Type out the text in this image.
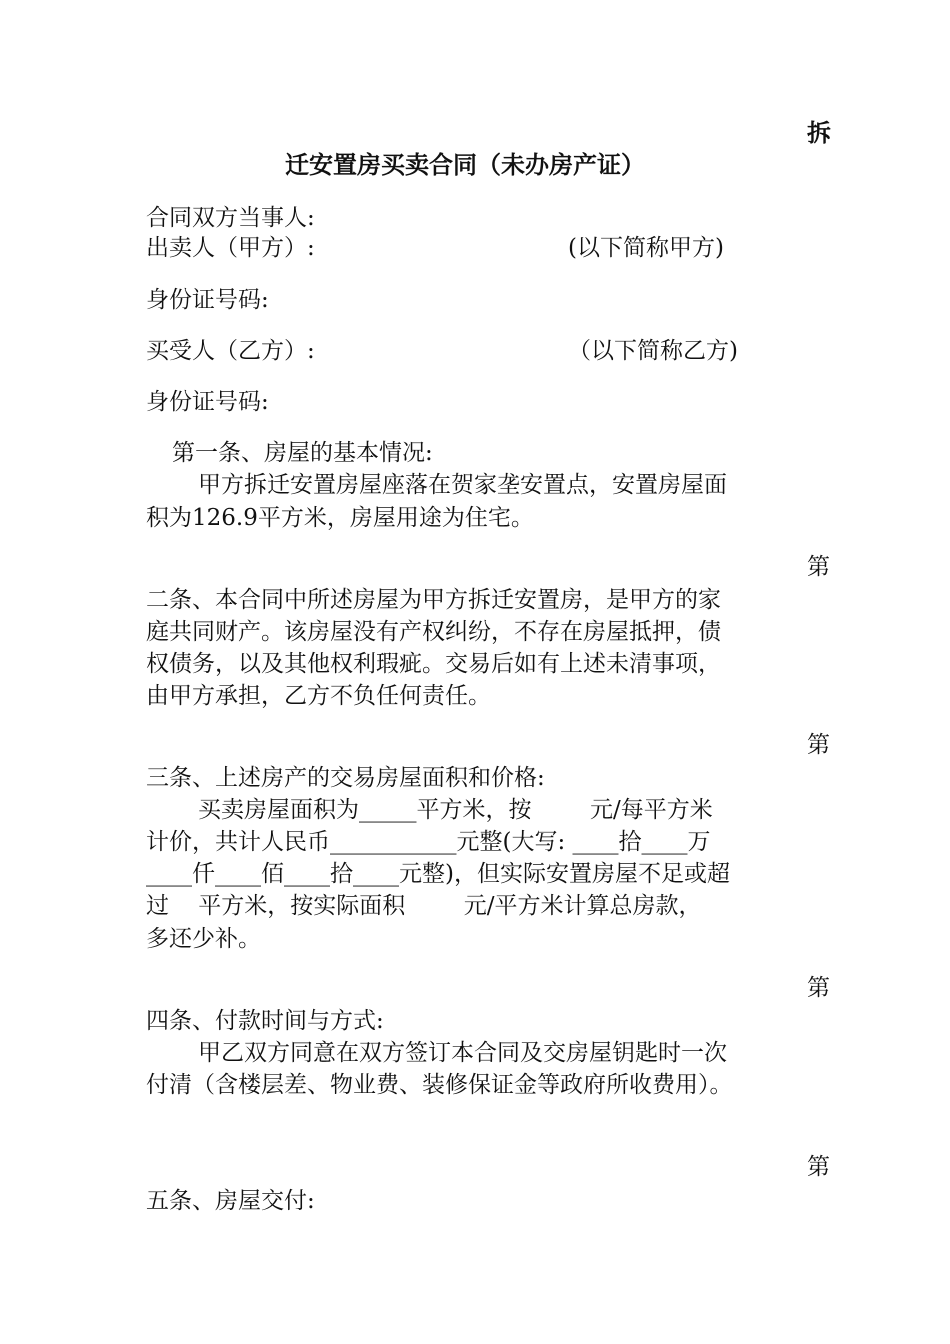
拆
迁安置房买卖合同（未办房产证）
合同双方当事人:
出卖人（甲方）:	(以下简称甲方)
身份证号码:
买受人（乙方）:	（以下简称乙方)
身份证号码:
第一条、房屋的基本情况:
甲方拆迁安置房屋座落在贺家垄安置点，安置房屋面
积为126.9平方米，房屋用途为住宅。
第
二条、本合同中所述房屋为甲方拆迁安置房，是甲方的家
庭共同财产。该房屋没有产权纠纷，不存在房屋抵押，债
权债务，以及其他权利瑕疵。交易后如有上述未清事项，
由甲方承担，乙方不负任何责任。
第
三条、上述房产的交易房屋面积和价格:
买卖房屋面积为_____平方米，按        元/每平方米
计价，共计人民币___________元整(大写: ____拾____万
____仟____佰____拾____元整)，但实际安置房屋不足或超
过    平方米，按实际面积        元/平方米计算总房款，
多还少补。
第
四条、付款时间与方式:
甲乙双方同意在双方签订本合同及交房屋钥匙时一次
付清（含楼层差、物业费、装修保证金等政府所收费用）。
第
五条、房屋交付:
